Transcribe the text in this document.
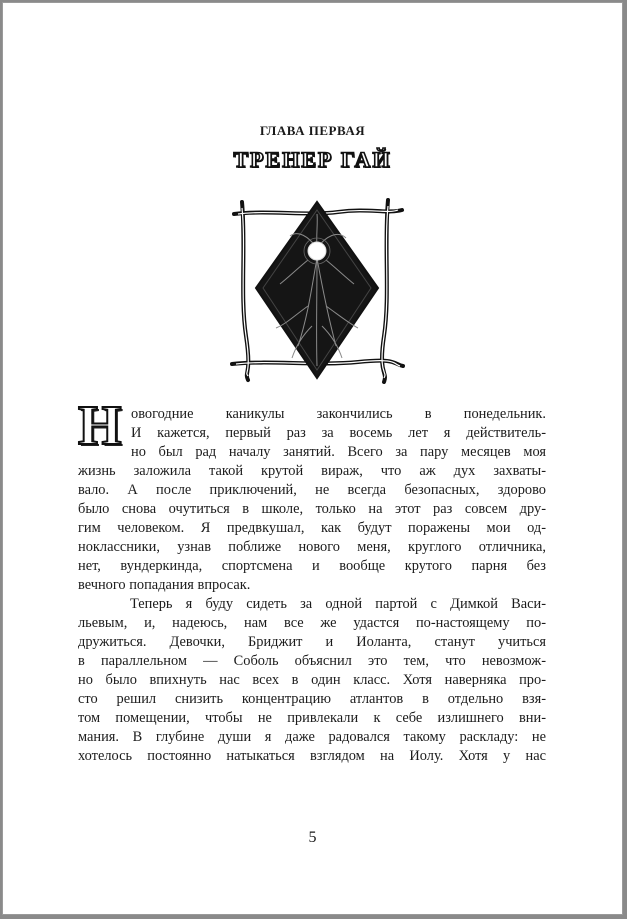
ГЛАВА ПЕРВАЯ
ТРЕНЕР ГАЙ
Н овогодние каникулы закончились в понедельник.
И кажется, первый раз за восемь лет я действитель-
но был рад началу занятий. Всего за пару месяцев моя
жизнь заложила такой крутой вираж, что аж дух захваты-
вало. А после приключений, не всегда безопасных, здорово
было снова очутиться в школе, только на этот раз совсем дру-
гим человеком. Я предвкушал, как будут поражены мои од-
ноклассники, узнав поближе нового меня, круглого отличника,
нет, вундеркинда, спортсмена и вообще крутого парня без
вечного попадания впросак.
Теперь я буду сидеть за одной партой с Димкой Васи-
льевым, и, надеюсь, нам все же удастся по-настоящему по-
дружиться. Девочки, Бриджит и Иоланта, станут учиться
в параллельном — Соболь объяснил это тем, что невозмож-
но было впихнуть нас всех в один класс. Хотя наверняка про-
сто решил снизить концентрацию атлантов в отдельно взя-
том помещении, чтобы не привлекали к себе излишнего вни-
мания. В глубине души я даже радовался такому раскладу: не
хотелось постоянно натыкаться взглядом на Иолу. Хотя у нас
5
